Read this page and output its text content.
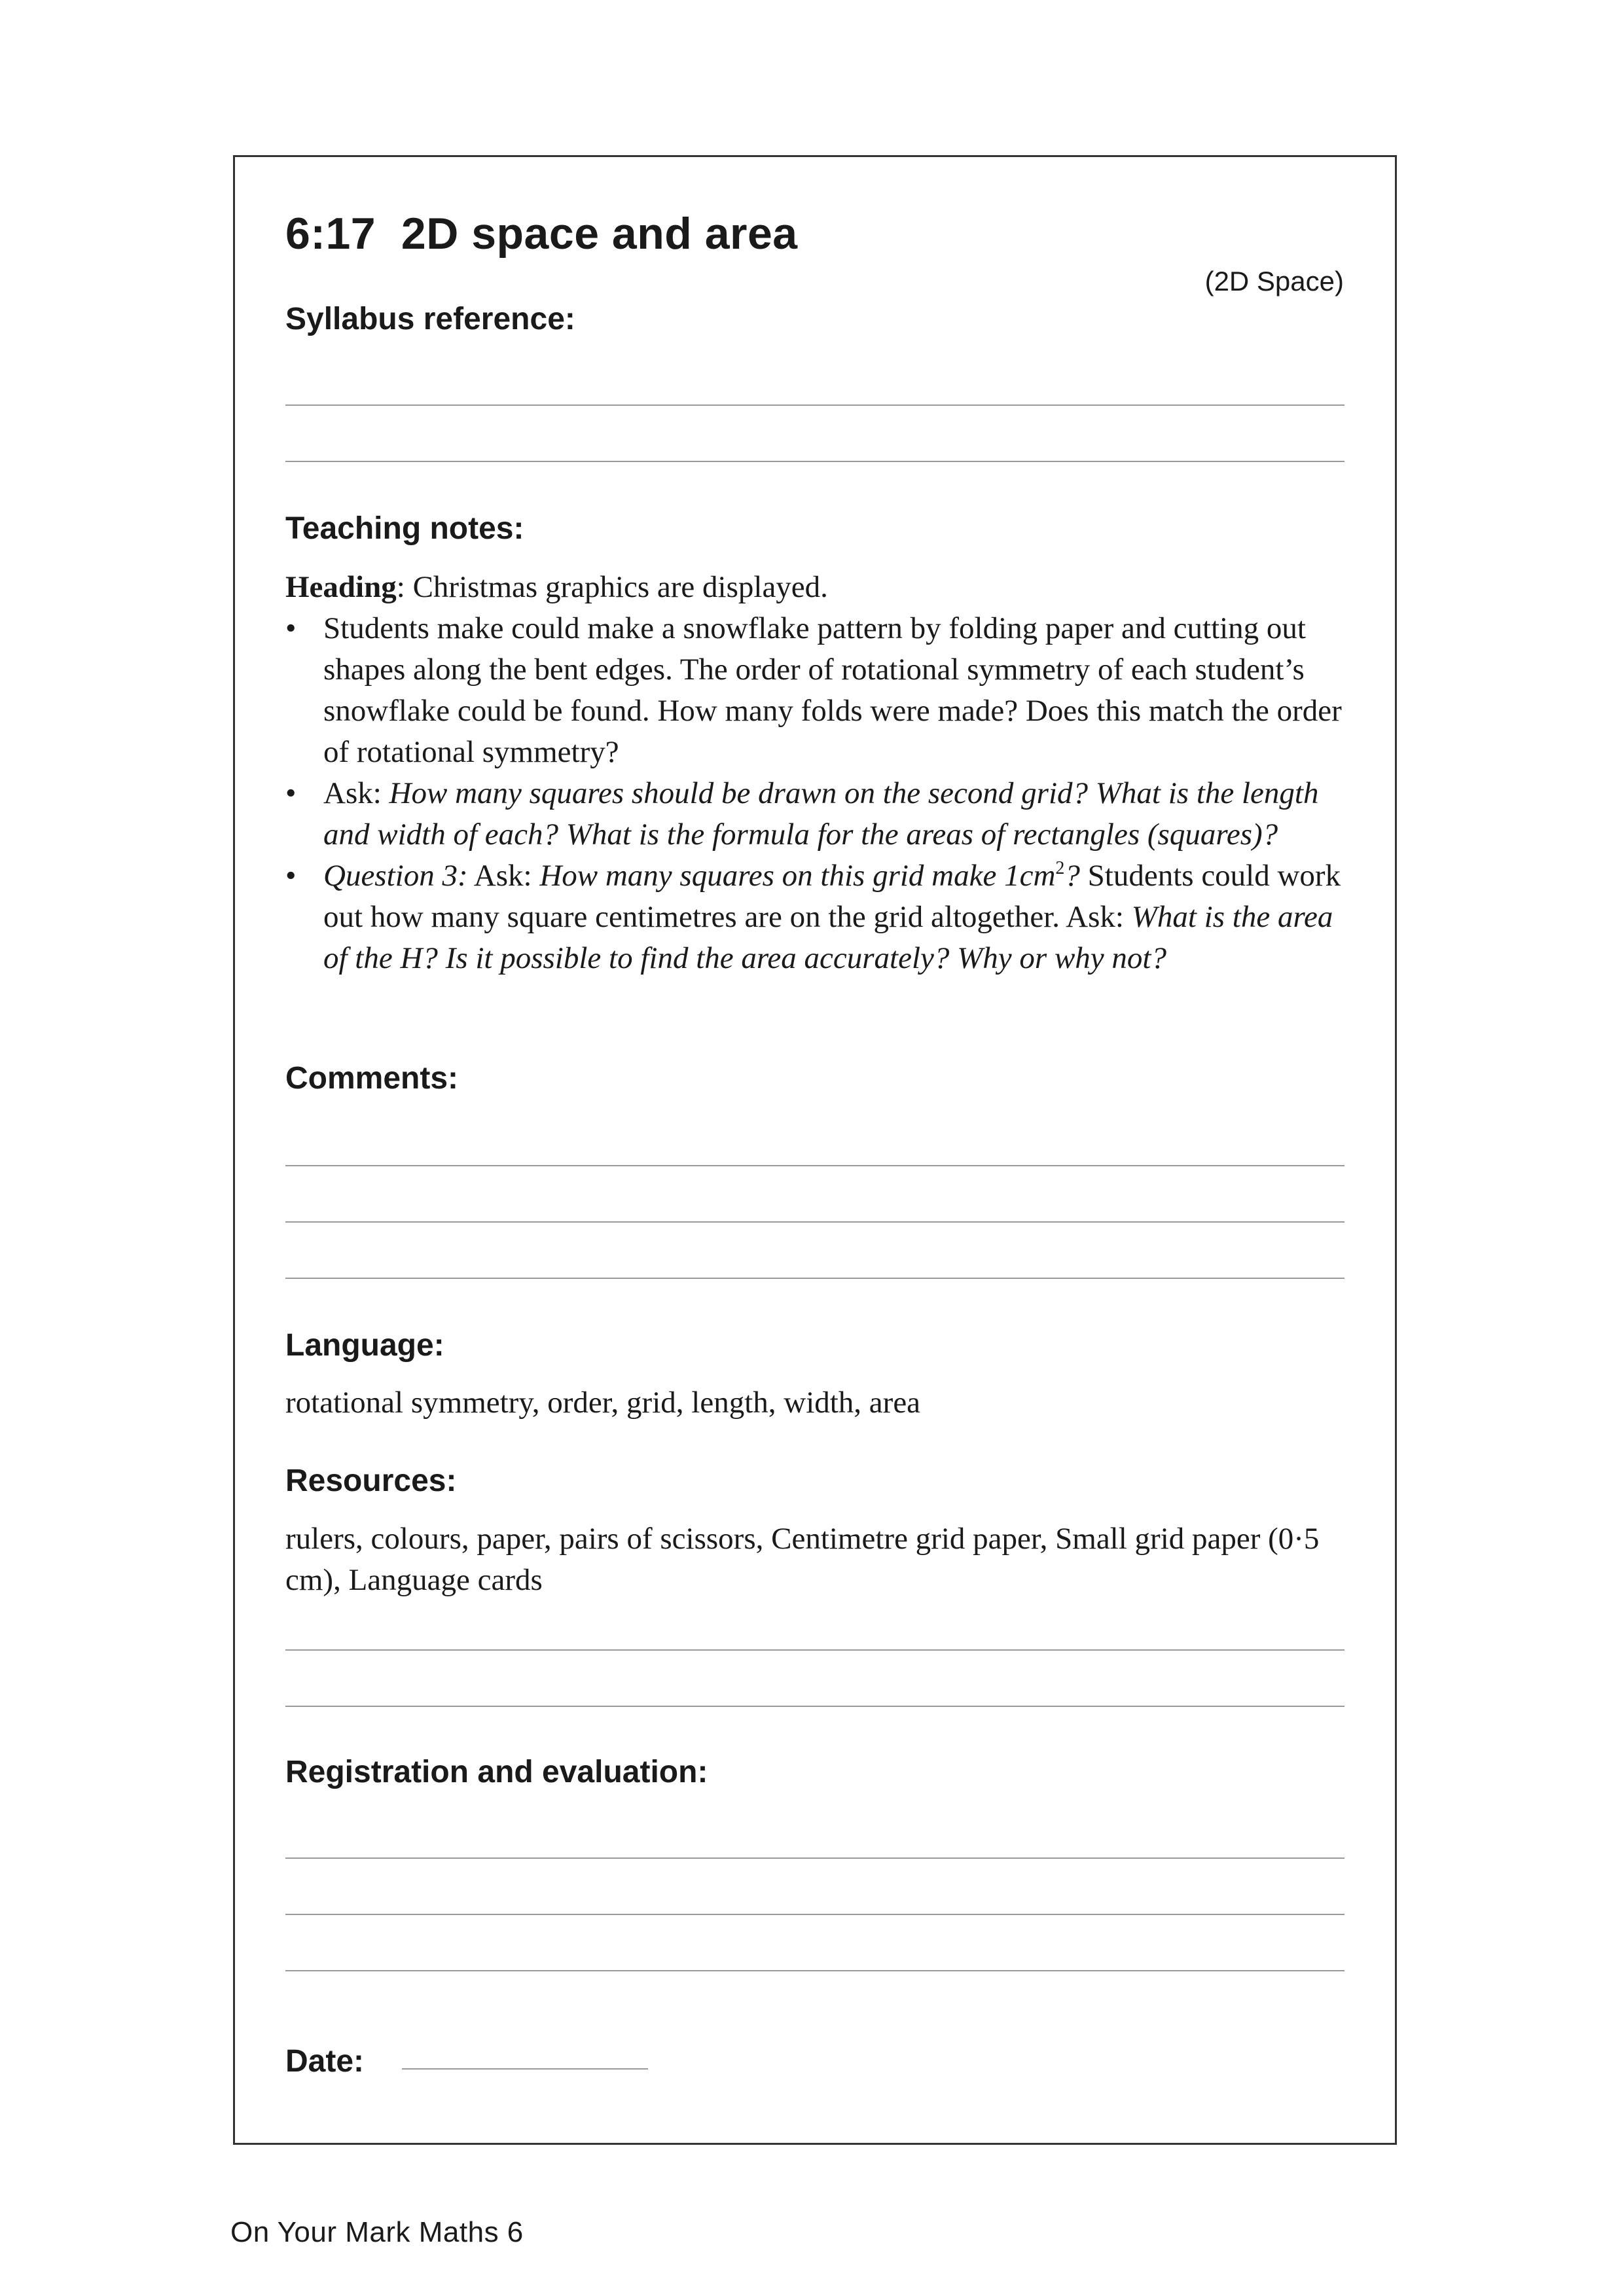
6:17  2D space and area
(2D Space)
Syllabus reference:
Teaching notes:

Heading: Christmas graphics are displayed.

• Students make could make a snowflake pattern by folding paper and cutting out shapes along the bent edges. The order of rotational symmetry of each student’s snowflake could be found. How many folds were made? Does this match the order of rotational symmetry?
• Ask: How many squares should be drawn on the second grid? What is the length and width of each? What is the formula for the areas of rectangles (squares)?
• Question 3: Ask: How many squares on this grid make $1cm^2$? Students could work out how many square centimetres are on the grid altogether. Ask: What is the area of the H? Is it possible to find the area accurately? Why or why not?
Comments:
Language:
rotational symmetry, order, grid, length, width, area
Resources:
rulers, colours, paper, pairs of scissors, Centimetre grid paper, Small grid paper (0·5 cm), Language cards
Registration and evaluation:
Date:
On Your Mark Maths 6
